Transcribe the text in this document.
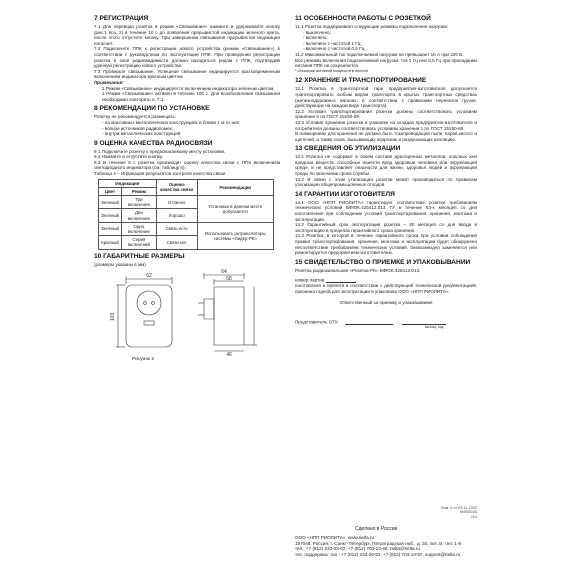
7 РЕГИСТРАЦИЯ

7.1 Для перевода розетки в режим «Связывание» нажмите и удерживайте кнопку (рис.1 поз. 2) в течение 10 с до появления прерывистой индикации зеленого цвета, после этого отпустите кнопку. При завершении связывания прерывистая индикация погаснет.

7.2 Подключите ППК к регистрации нового устройства (режим «Связывание») в соответствии с руководством по эксплуатации ППК. При проведении регистрации розетка в зоне радиовидимости должна находиться рядом с ППК, подтвердив удачную регистрацию нового устройства.

7.3 Проверьте связывание. Успешное связывание индицируется кратковременным включением индикатора красным цветом.

Примечания:

1 Режим «Связывание» индицируется включением индикатора зеленым цветом.

2 Режим «Связывание» активен в течение 100 с. Для возобновления связывания необходимо повторить п. 7.1.

8 РЕКОМЕНДАЦИИ ПО УСТАНОВКЕ

Розетку не рекомендуется размещать:

- на массивных металлических конструкциях и ближе 1 м от них;

- вблизи источников радиопомех;

- внутри металлических конструкций.

9 ОЦЕНКА КАЧЕСТВА РАДИОСВЯЗИ

9.1 Подключите розетку к предполагаемому месту установки.

9.2 Нажмите и отпустите кнопку.

9.3 В течение 5 с розетка производит оценку качества связи с ППК включением светодиодного индикатора (см. таблицу 4).

Таблица 4 – Индикация результатов контроля качества связи

Индикация		Оценка качества связи	Рекомендации
Цвет	Режим		
Зеленый	Три включения	Отлично	Установка в данном месте допускается
Зеленый	Два включения	Хорошо	
Зеленый	Одно включение	Связь есть	Использовать ретрансляторы системы «Лидер-РК»
Красный	Серия включений	Связи нет	
10 ГАБАРИТНЫЕ РАЗМЕРЫ

(размеры указаны в мм)

62
103
64
58
46
Рисунок 2
11 ОСОБЕННОСТИ РАБОТЫ С РОЗЕТКОЙ

11.1 Розетка поддерживает следующие режимы подключения нагрузки:

- выключено;

- включено;

- включено с частотой 1 Гц;

- включено с частотой 0,5 Гц.

11.2 Максимальный ток подключаемой нагрузки не превышает 10 А при 220 В.

Все режимы включения подключаемой нагрузки: ток 1 Гц или 0,5 Гц при пропадании питания ППК не сохраняются.

* Описание активной мощности в полной

12 ХРАНЕНИЕ И ТРАНСПОРТИРОВАНИЕ

12.1 Розетка в транспортной таре предприятия-изготовителя допускается транспортировать любым видом транспорта в крытых транспортных средствах (железнодорожных вагонах, в соответствии с правилами перевозок грузов, действующих на каждом виде транспорта).

12.2 Условия транспортирования розетки должны соответствовать условиям хранения 5 по ГОСТ 15150-69.

12.3 Условия хранения розетки в упаковке на складах предприятия-изготовителя и потребителя должны соответствовать условиям хранения 1 по ГОСТ 15150-69.

В помещениях для хранения не должно быть токопроводящей пыли, паров кислот и щелочей, а также газов, вызывающих коррозию и разрушающих изоляцию.

13 СВЕДЕНИЯ ОБ УТИЛИЗАЦИИ

13.1 Розетка не содержит в своем составе драгоценных металлов, опасных или вредных веществ, способных нанести вред здоровью человека или окружающей среде, и не представляет опасности для жизни, здоровья людей и окружающей среды по окончании срока службы.

13.2 В связи с этим утилизация розетки может производиться по правилам утилизации общепромышленных отходов.

14 ГАРАНТИИ ИЗГОТОВИТЕЛЯ

14.1 ООО «НПП РИОЛИТА» гарантирует соответствие розетки требованиям технических условий БФЮК.425412.013 ТУ в течение 63-х месяцев со дня изготовления при соблюдении условий транспортирования, хранения, монтажа и эксплуатации.

14.2 Гарантийный срок эксплуатации розетки – 60 месяцев со дня ввода в эксплуатацию в пределах гарантийного срока хранения.

14.3 Розетка, в которой в течение гарантийного срока при условии соблюдения правил транспортирования, хранения, монтажа и эксплуатации будет обнаружено несоответствие требованиям технических условий, безвозмездно заменяется или ремонтируется предприятием-изготовителем.

15 СВИДЕТЕЛЬСТВО О ПРИЕМКЕ И УПАКОВЫВАНИИ

Розетка радиоканальная «Розетка-РК» БФЮК.425412.013,

номер партии

изготовлена и принята в соответствии с действующей технической документацией, признана годной для эксплуатации и упакована ООО «НПП РИОЛИТА».

Ответственный за приемку и упаковывание

Представитель ОТК

месяц, год

Изм. 0 от 03.11.2020
№00001Б
v10
Сделано в России
ООО «НПП РИОЛИТА», www.rielta.ru
197046, Россия, г. Санкт-Петербург, Петроградская наб., д. 34, лит. Б, тел. 1-й
тел.: +7 (812) 233-03-02, +7 (812) 703-13-60, rielta@rielta.ru
тех. поддержка: тел.: +7 (812) 233-29-53, +7 (812) 703-13-57, support@rielta.ru
